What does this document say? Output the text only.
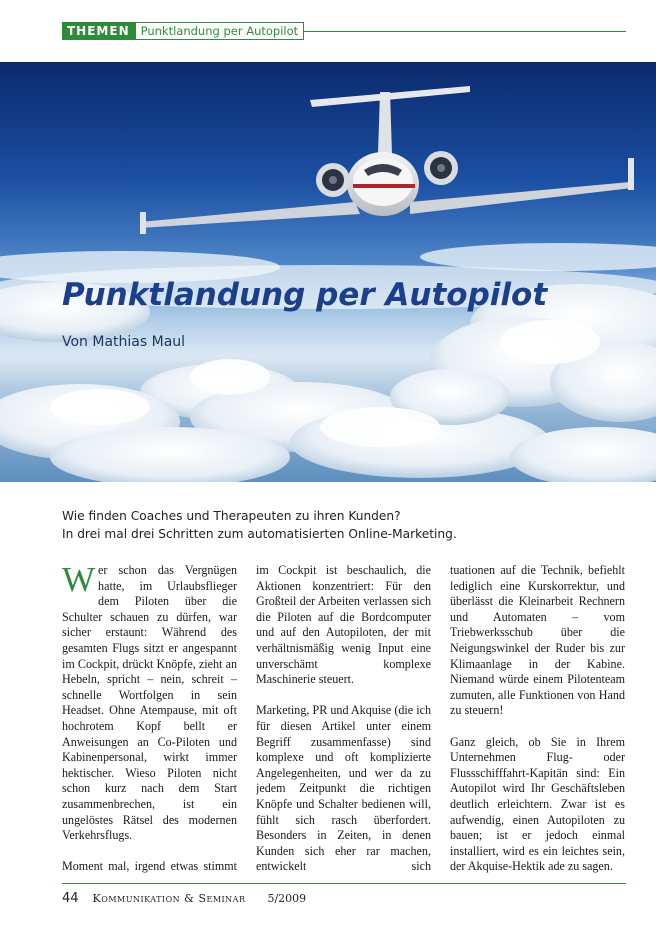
THEMEN Punktlandung per Autopilot
Punktlandung per Autopilot

Von Mathias Maul

Wie finden Coaches und Therapeuten zu ihren Kunden?
In drei mal drei Schritten zum automatisierten Online-Marketing.

Wer schon das Vergnügen hatte, im Urlaubsflieger dem Piloten über die Schulter schauen zu dürfen, war sicher erstaunt: Während des gesamten Flugs sitzt er angespannt im Cockpit, drückt Knöpfe, zieht an Hebeln, spricht – nein, schreit – schnelle Wortfolgen in sein Headset. Ohne Atempause, mit oft hochrotem Kopf bellt er Anweisungen an Co-Piloten und Kabinenpersonal, wirkt immer hektischer. Wieso Piloten nicht schon kurz nach dem Start zusammenbrechen, ist ein ungelöstes Rätsel des modernen Verkehrsflugs.

Moment mal, irgend etwas stimmt

im Cockpit ist beschaulich, die Aktionen konzentriert: Für den Großteil der Arbeiten verlassen sich die Piloten auf die Bordcomputer und auf den Autopiloten, der mit verhältnismäßig wenig Input eine unverschämt komplexe Maschinerie steuert.

Marketing, PR und Akquise (die ich für diesen Artikel unter einem Begriff zusammenfasse) sind komplexe und oft komplizierte Angelegenheiten, und wer da zu jedem Zeitpunkt die richtigen Knöpfe und Schalter bedienen will, fühlt sich rasch überfordert. Besonders in Zeiten, in denen Kunden sich eher rar machen, entwickelt sich

tuationen auf die Technik, befiehlt lediglich eine Kurskorrektur, und überlässt die Kleinarbeit Rechnern und Automaten – vom Triebwerksschub über die Neigungswinkel der Ruder bis zur Klimaanlage in der Kabine. Niemand würde einem Pilotenteam zumuten, alle Funktionen von Hand zu steuern!

Ganz gleich, ob Sie in Ihrem Unternehmen Flug- oder Flussschifffahrt-Kapitän sind: Ein Autopilot wird Ihr Geschäftsleben deutlich erleichtern. Zwar ist es aufwendig, einen Autopiloten zu bauen; ist er jedoch einmal installiert, wird es ein leichtes sein, der Akquise-Hektik ade zu sagen.

44 Kommunikation & Seminar 5/2009
